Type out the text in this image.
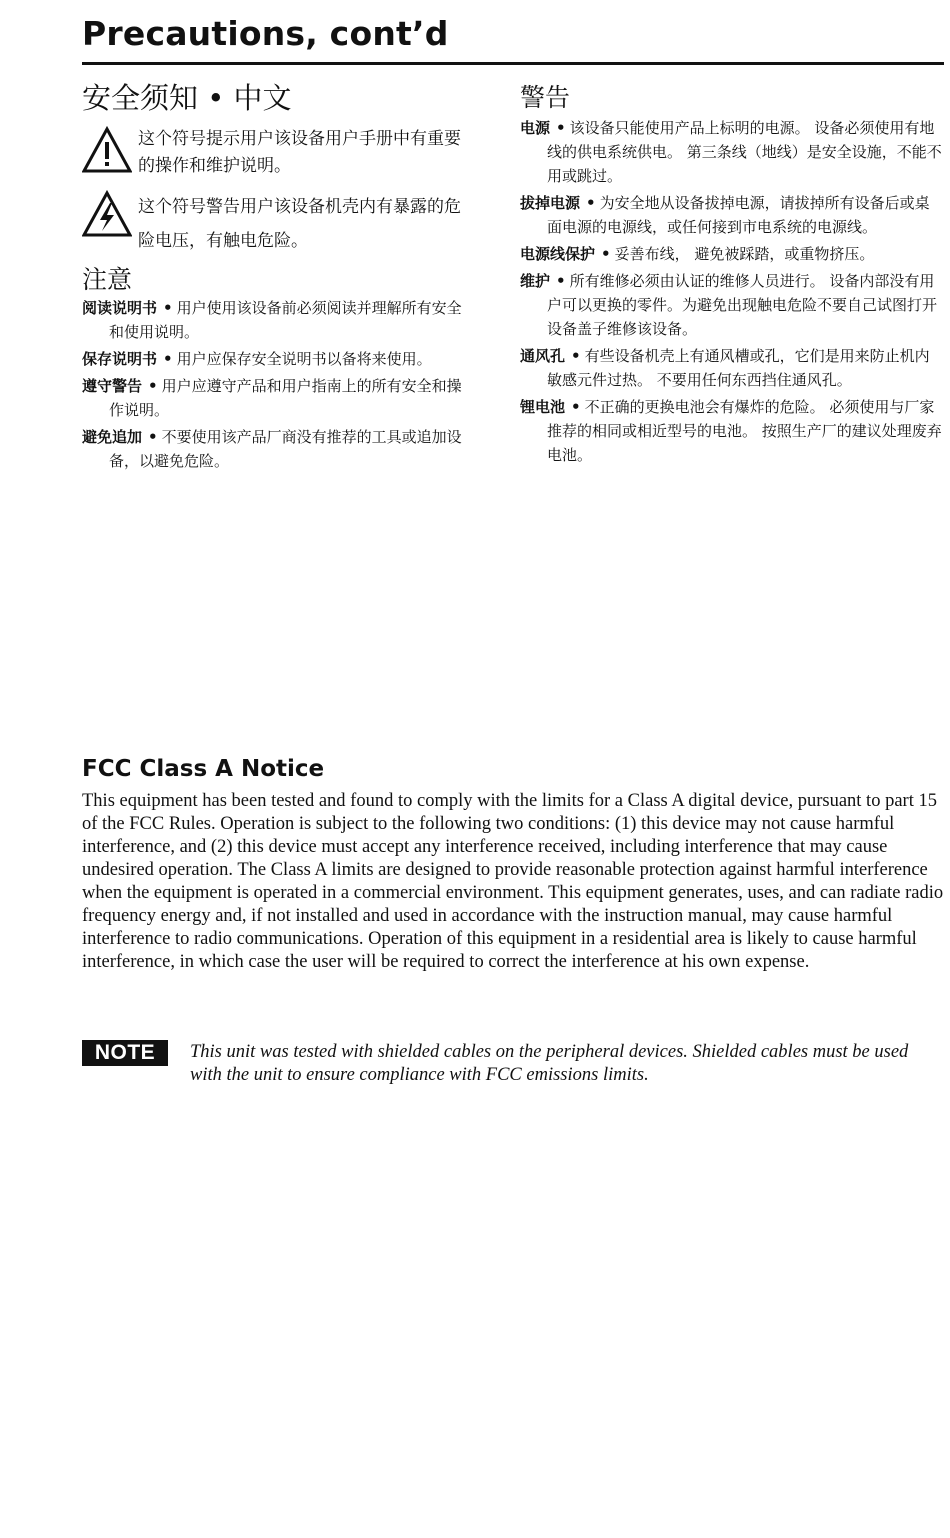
Precautions, cont’d
安全须知 • 中文
这个符号提示用户该设备用户手册中有重要的操作和维护说明。
这个符号警告用户该设备机壳内有暴露的危险电压，有触电危险。
注意

阅读说明书 • 用户使用该设备前必须阅读并理解所有安全和使用说明。

保存说明书 • 用户应保存安全说明书以备将来使用。

遵守警告 • 用户应遵守产品和用户指南上的所有安全和操作说明。

避免追加 • 不要使用该产品厂商没有推荐的工具或追加设备，以避免危险。

警告

电源 • 该设备只能使用产品上标明的电源。 设备必须使用有地线的供电系统供电。 第三条线（地线）是安全设施，不能不用或跳过。

拔掉电源 • 为安全地从设备拔掉电源，请拔掉所有设备后或桌面电源的电源线，或任何接到市电系统的电源线。

电源线保护 • 妥善布线， 避免被踩踏，或重物挤压。

维护 • 所有维修必须由认证的维修人员进行。 设备内部没有用户可以更换的零件。为避免出现触电危险不要自己试图打开设备盖子维修该设备。

通风孔 • 有些设备机壳上有通风槽或孔，它们是用来防止机内敏感元件过热。 不要用任何东西挡住通风孔。

锂电池 • 不正确的更换电池会有爆炸的危险。 必须使用与厂家推荐的相同或相近型号的电池。 按照生产厂的建议处理废弃电池。

FCC Class A Notice

This equipment has been tested and found to comply with the limits for a Class A digital device, pursuant to part 15 of the FCC Rules. Operation is subject to the following two conditions: (1) this device may not cause harmful interference, and (2) this device must accept any interference received, including interference that may cause undesired operation. The Class A limits are designed to provide reasonable protection against harmful interference when the equipment is operated in a commercial environment. This equipment generates, uses, and can radiate radio frequency energy and, if not installed and used in accordance with the instruction manual, may cause harmful interference to radio communications. Operation of this equipment in a residential area is likely to cause harmful interference, in which case the user will be required to correct the interference at his own expense.

NOTE	This unit was tested with shielded cables on the peripheral devices. Shielded cables must be used with the unit to ensure compliance with FCC emissions limits.
